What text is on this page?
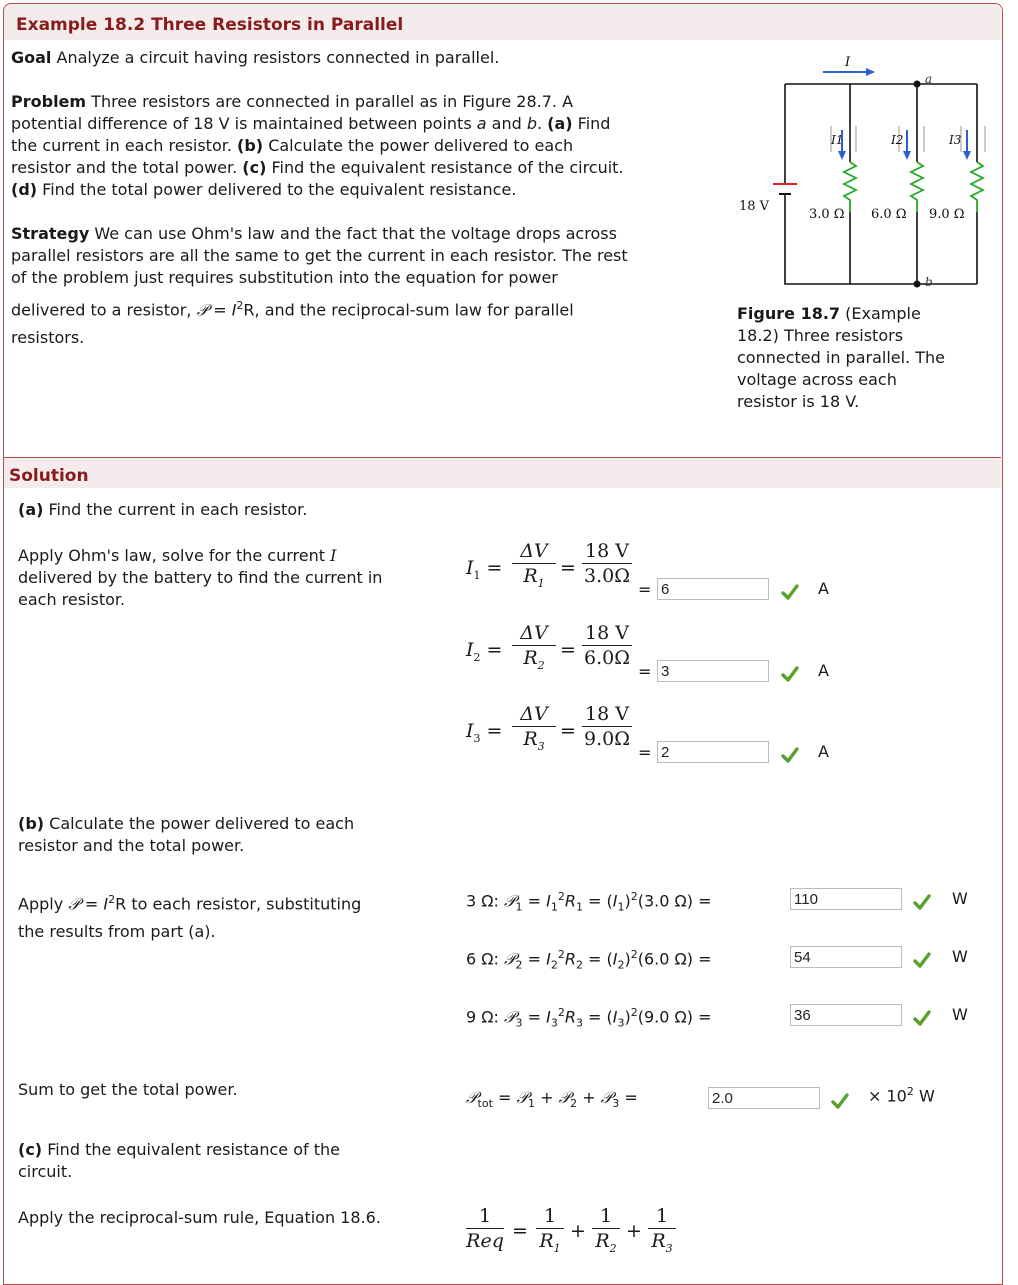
Example 18.2 Three Resistors in Parallel
Goal Analyze a circuit having resistors connected in parallel.
Problem Three resistors are connected in parallel as in Figure 28.7. A
potential difference of 18 V is maintained between points a and b. (a) Find
the current in each resistor. (b) Calculate the power delivered to each
resistor and the total power. (c) Find the equivalent resistance of the circuit.
(d) Find the total power delivered to the equivalent resistance.
Strategy We can use Ohm's law and the fact that the voltage drops across
parallel resistors are all the same to get the current in each resistor. The rest
of the problem just requires substitution into the equation for power
delivered to a resistor, 𝒫 = $I^2R$, and the reciprocal-sum law for parallel
resistors.
I
a
b
18 V
I1	I2	I3
3.0 Ω 6.0 Ω 9.0 Ω
Figure 18.7 (Example
18.2) Three resistors
connected in parallel. The
voltage across each
resistor is 18 V.
Solution
(a) Find the current in each resistor.
Apply Ohm's law, solve for the current I
delivered by the battery to find the current in
each resistor.
$I_1 = \frac{\Delta V}{R_1} = \frac{18 V}{3.0\Omega}$
= 6	A
$I_2 = \frac{\Delta V}{R_2} = \frac{18 V}{6.0\Omega}$
= 3	A
$I_3 = \frac{\Delta V}{R_3} = \frac{18 V}{9.0\Omega}$
= 2	A
(b) Calculate the power delivered to each
resistor and the total power.
Apply 𝒫 = $I^2R$ to each resistor, substituting
the results from part (a).
3 Ω: 𝒫$_1$ = $I_1^2R_1 = (I_1)^2(3.0$ Ω) =	110	W
6 Ω: 𝒫$_2$ = $I_2^2R_2 = (I_2)^2(6.0$ Ω) =	54	W
9 Ω: 𝒫$_3$ = $I_3^2R_3 = (I_3)^2(9.0$ Ω) =	36	W
Sum to get the total power.	𝒫$_{tot}$ = 𝒫$_1$ + 𝒫$_2$ + 𝒫$_3$ =	2.0	× $10^2$ W
(c) Find the equivalent resistance of the
circuit.
Apply the reciprocal-sum rule, Equation 18.6.	1
Req = $\frac{1}{R_1} + \frac{1}{R_2} + \frac{1}{R_3}$
